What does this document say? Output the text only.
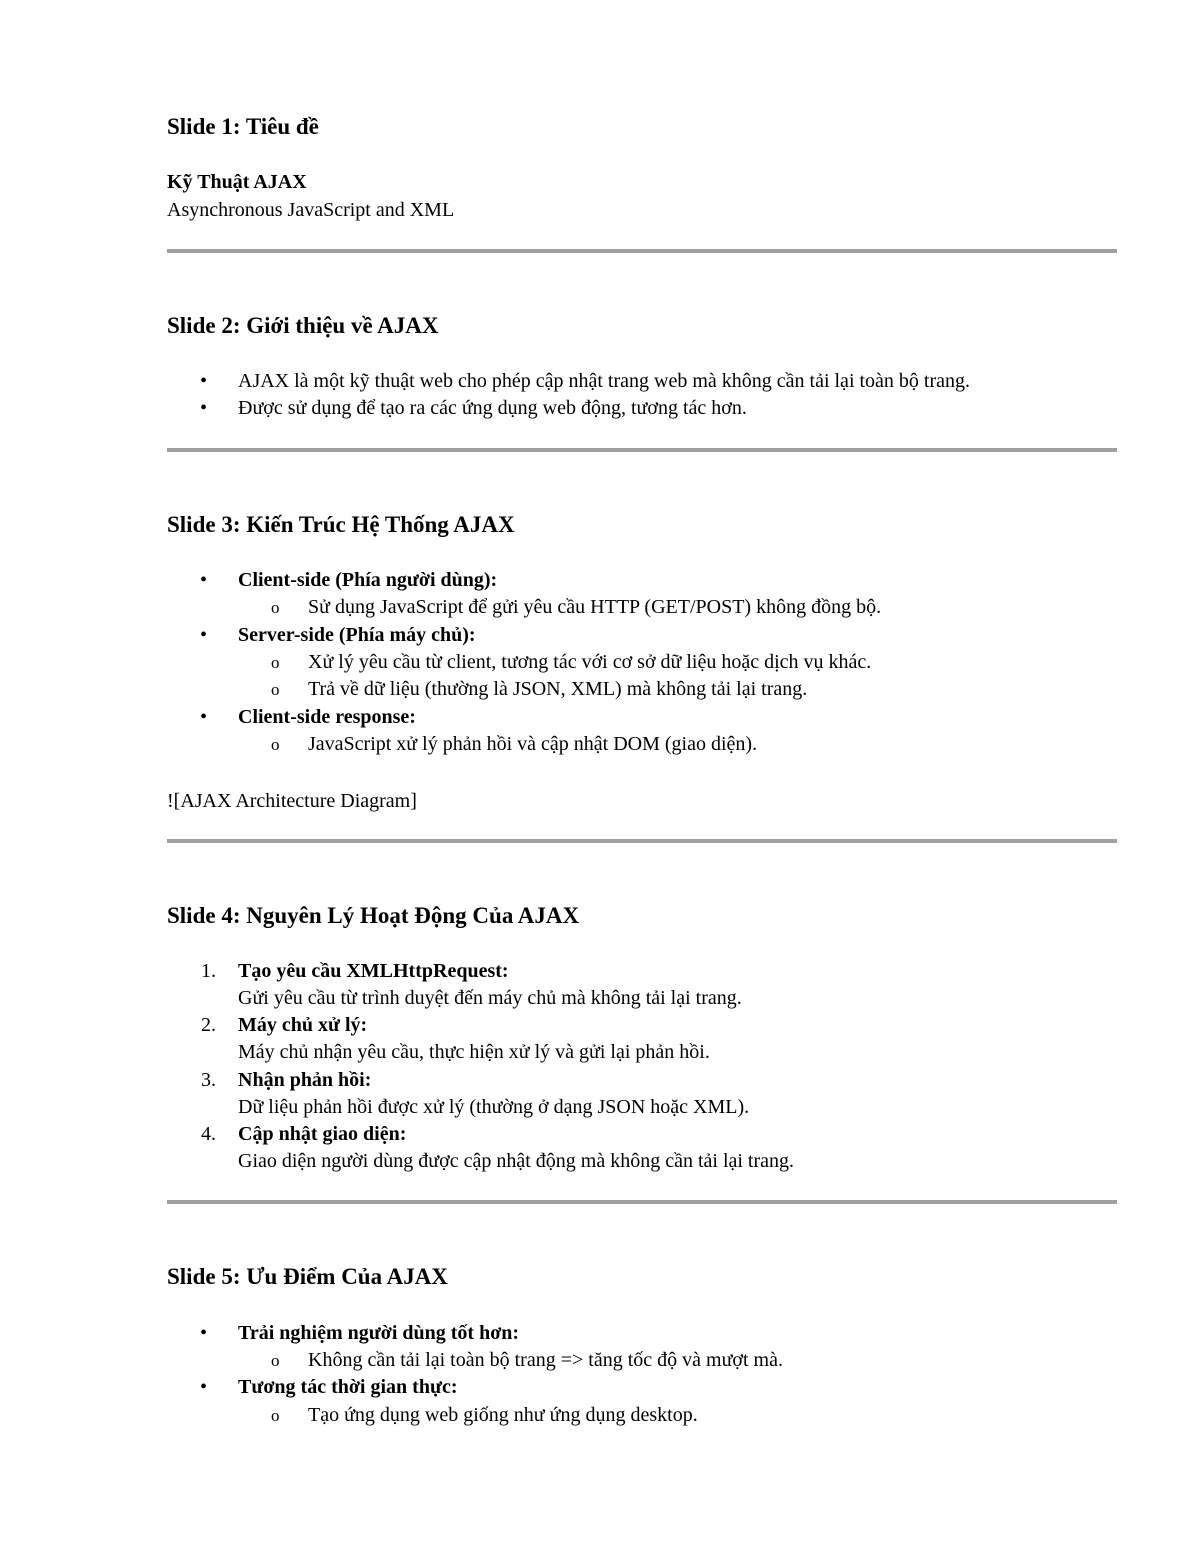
Slide 1: Tiêu đề

Kỹ Thuật AJAX

Asynchronous JavaScript and XML

Slide 2: Giới thiệu về AJAX
• AJAX là một kỹ thuật web cho phép cập nhật trang web mà không cần tải lại toàn bộ trang.

• Được sử dụng để tạo ra các ứng dụng web động, tương tác hơn.

Slide 3: Kiến Trúc Hệ Thống AJAX
• Client-side (Phía người dùng):

o Sử dụng JavaScript để gửi yêu cầu HTTP (GET/POST) không đồng bộ.

• Server-side (Phía máy chủ):

o Xử lý yêu cầu từ client, tương tác với cơ sở dữ liệu hoặc dịch vụ khác.

o Trả về dữ liệu (thường là JSON, XML) mà không tải lại trang.

• Client-side response:

o JavaScript xử lý phản hồi và cập nhật DOM (giao diện).

![AJAX Architecture Diagram]

Slide 4: Nguyên Lý Hoạt Động Của AJAX
1. Tạo yêu cầu XMLHttpRequest:

Gửi yêu cầu từ trình duyệt đến máy chủ mà không tải lại trang.

2. Máy chủ xử lý:

Máy chủ nhận yêu cầu, thực hiện xử lý và gửi lại phản hồi.

3. Nhận phản hồi:

Dữ liệu phản hồi được xử lý (thường ở dạng JSON hoặc XML).

4. Cập nhật giao diện:

Giao diện người dùng được cập nhật động mà không cần tải lại trang.

Slide 5: Ưu Điểm Của AJAX
• Trải nghiệm người dùng tốt hơn:

o Không cần tải lại toàn bộ trang => tăng tốc độ và mượt mà.

• Tương tác thời gian thực:

o Tạo ứng dụng web giống như ứng dụng desktop.
